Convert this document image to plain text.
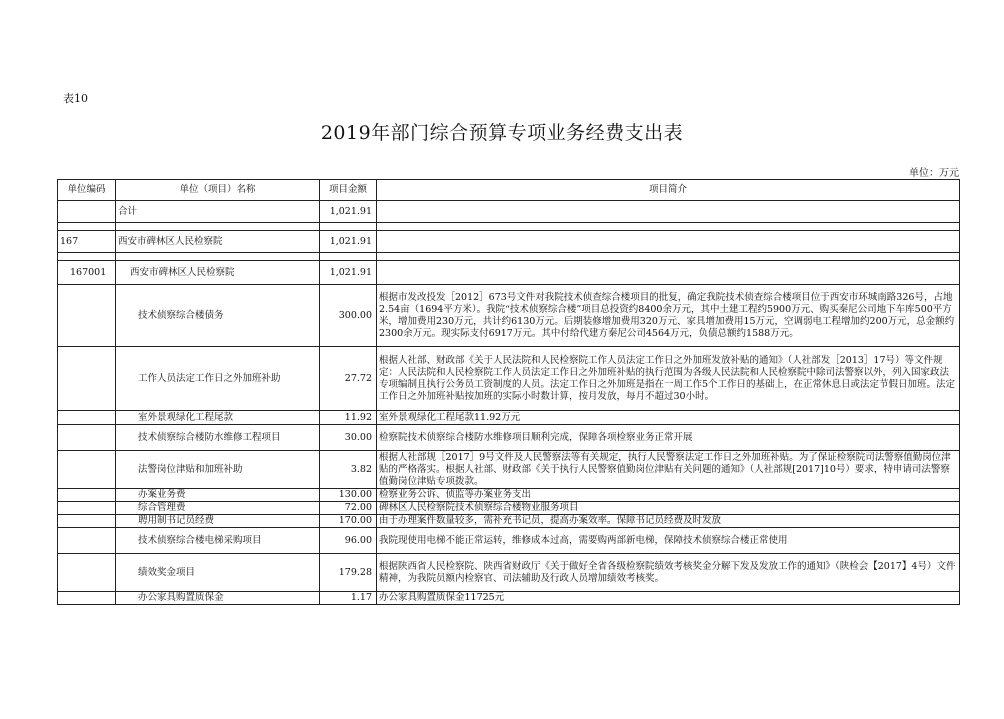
表10
2019年部门综合预算专项业务经费支出表
单位：万元
单位编码	单位（项目）名称	项目金额	项目简介
	合计	1,021.91	

167	西安市碑林区人民检察院	1,021.91	

167001	西安市碑林区人民检察院	1,021.91	
	技术侦察综合楼债务	300.00	根据市发改投发［2012］673号文件对我院技术侦查综合楼项目的批复，确定我院技术侦查综合楼项目位于西安市环城南路326号，占地2.54亩（1694平方米）。我院“技术侦察综合楼”项目总投资约8400余万元，其中土建工程约5900万元、购买秦尼公司地下车库500平方米，增加费用230万元，共计约6130万元。后期装修增加费用320万元、家具增加费用15万元，空调弱电工程增加约200万元，总金额约2300余万元。现实际支付6917万元。其中付给代建方秦尼公司4564万元，负债总额约1588万元。
	工作人员法定工作日之外加班补助	27.72	根据人社部、财政部《关于人民法院和人民检察院工作人员法定工作日之外加班发放补贴的通知》（人社部发［2013］17号）等文件规定：人民法院和人民检察院工作人员法定工作日之外加班补贴的执行范围为各级人民法院和人民检察院中除司法警察以外，列入国家政法专项编制且执行公务员工资制度的人员。法定工作日之外加班是指在一周工作5个工作日的基础上，在正常休息日或法定节假日加班。法定工作日之外加班补贴按加班的实际小时数计算，按月发放，每月不超过30小时。
	室外景观绿化工程尾款	11.92	室外景观绿化工程尾款11.92万元
	技术侦察综合楼防水维修工程项目	30.00	检察院技术侦察综合楼防水维修项目顺利完成，保障各项检察业务正常开展
	法警岗位津贴和加班补助	3.82	根据人社部规［2017］9号文件及人民警察法等有关规定，执行人民警察法定工作日之外加班补贴。为了保证检察院司法警察值勤岗位津贴的严格落实。根据人社部、财政部《关于执行人民警察值勤岗位津贴有关问题的通知》（人社部规[2017]10号）要求，特申请司法警察值勤岗位津贴专项拨款。
	办案业务费	130.00	检察业务公诉、侦监等办案业务支出
	综合管理费	72.00	碑林区人民检察院技术侦察综合楼物业服务项目
	聘用制书记员经费	170.00	由于办理案件数量较多，需补充书记员，提高办案效率。保障书记员经费及时发放
	技术侦察综合楼电梯采购项目	96.00	我院现使用电梯不能正常运转，维修成本过高，需要购两部新电梯，保障技术侦察综合楼正常使用
	绩效奖金项目	179.28	根据陕西省人民检察院、陕西省财政厅《关于做好全省各级检察院绩效考核奖金分解下发及发放工作的通知》（陕检会【2017】4号）文件精神，为我院员额内检察官、司法辅助及行政人员增加绩效考核奖。
	办公家具购置质保金	1.17	办公家具购置质保金11725元
